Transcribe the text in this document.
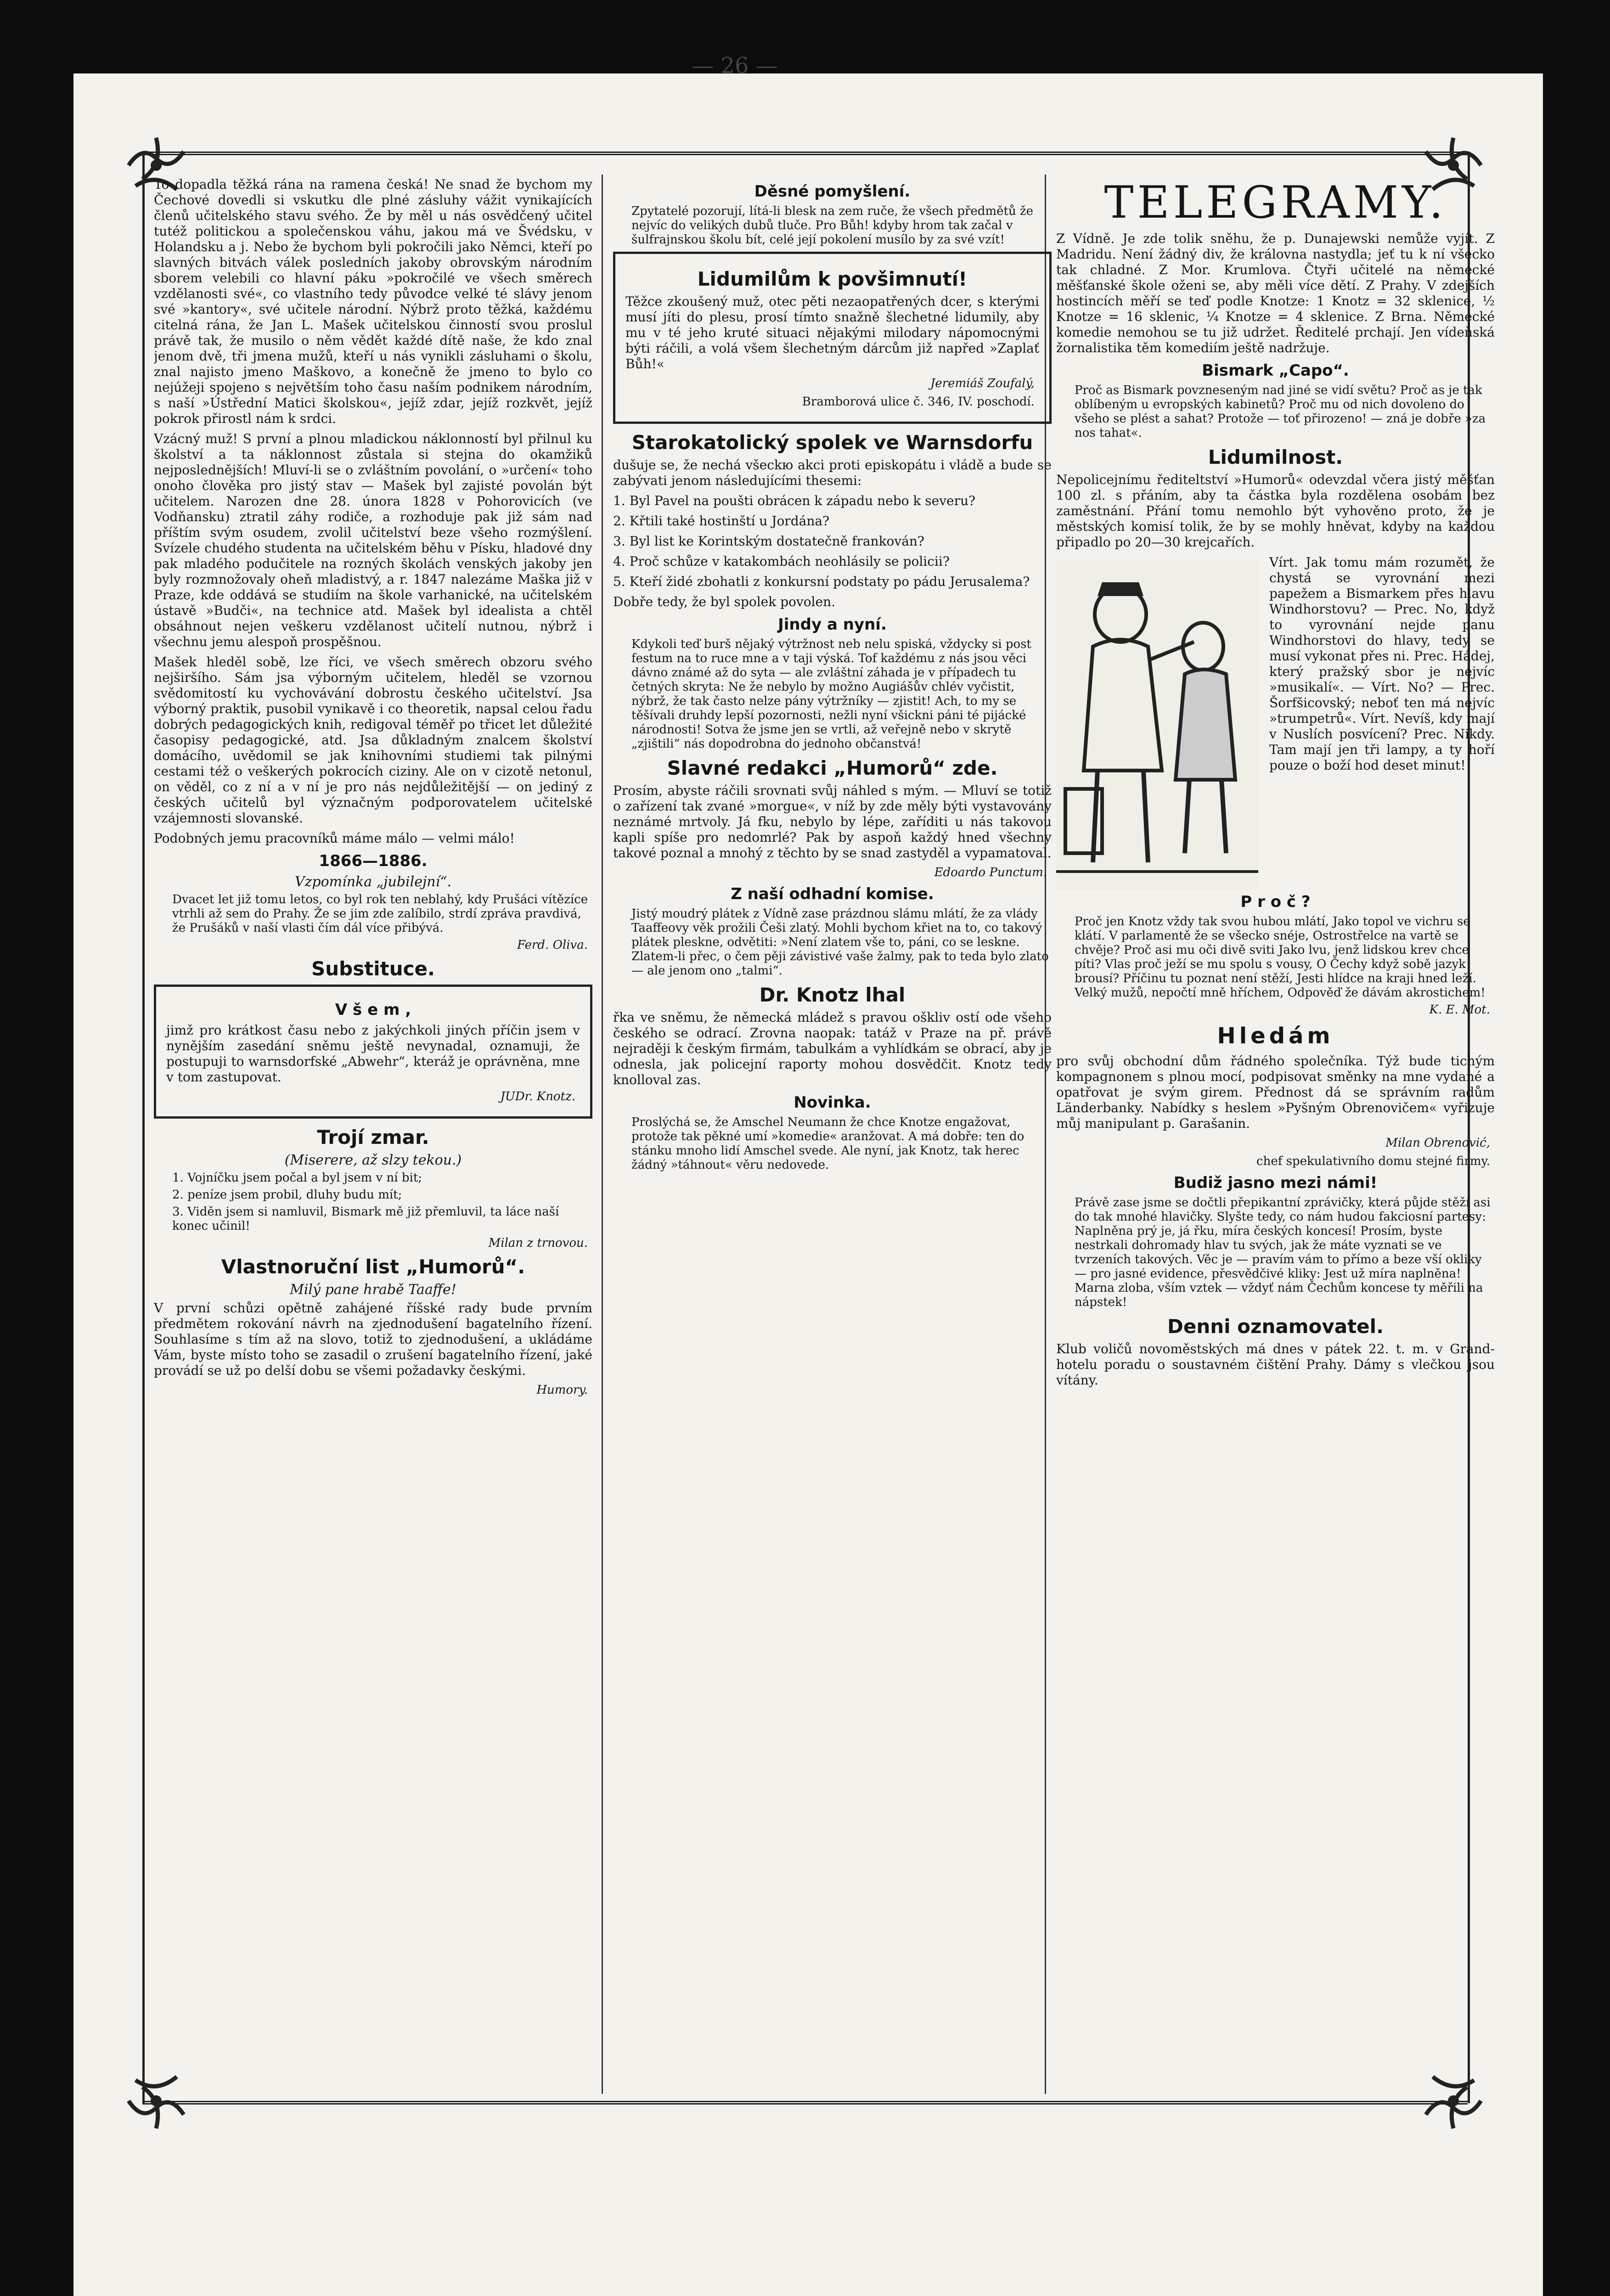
— 26 —

To dopadla těžká rána na ramena česká! Ne snad že bychom my Čechové dovedli si vskutku dle plné zásluhy vážit vynikajících členů učitelského stavu svého. Že by měl u nás osvědčený učitel tutéž politickou a společenskou váhu, jakou má ve Švédsku, v Holandsku a j. Nebo že bychom byli pokročili jako Němci, kteří po slavných bitvách válek posledních jakoby obrovským národním sborem velebili co hlavní páku »pokročilé ve všech směrech vzdělanosti své«, co vlastního tedy původce velké té slávy jenom své »kantory«, své učitele národní. Nýbrž proto těžká, každému citelná rána, že Jan L. Mašek učitelskou činností svou proslul právě tak, že musilo o něm vědět každé dítě naše, že kdo znal jenom dvě, tři jmena mužů, kteří u nás vynikli zásluhami o školu, znal najisto jmeno Maškovo, a konečně že jmeno to bylo co nejúžeji spojeno s největším toho času naším podnikem národním, s naší »Ústřední Matici školskou«, jejíž zdar, jejíž rozkvět, jejíž pokrok přirostl nám k srdci.

Vzácný muž! S první a plnou mladickou náklonností byl přilnul ku školství a ta náklonnost zůstala si stejna do okamžiků nejposlednějších! Mluví-li se o zvláštním povolání, o »určení« toho onoho člověka pro jistý stav — Mašek byl zajisté povolán být učitelem. Narozen dne 28. února 1828 v Pohorovicích (ve Vodňansku) ztratil záhy rodiče, a rozhoduje pak již sám nad příštím svým osudem, zvolil učitelství beze všeho rozmýšlení. Svízele chudého studenta na učitelském běhu v Písku, hladové dny pak mladého podučitele na rozných školách venských jakoby jen byly rozmnožovaly oheň mladistvý, a r. 1847 nalezáme Maška již v Praze, kde oddává se studiím na škole varhanické, na učitelském ústavě »Budči«, na technice atd. Mašek byl idealista a chtěl obsáhnout nejen veškeru vzdělanost učitelí nutnou, nýbrž i všechnu jemu alespoň prospěšnou.

Mašek hleděl sobě, lze říci, ve všech směrech obzoru svého nejširšího. Sám jsa výborným učitelem, hleděl se vzornou svědomitostí ku vychovávání dobrostu českého učitelství. Jsa výborný praktik, pusobil vynikavě i co theoretik, napsal celou řadu dobrých pedagogických knih, redigoval téměř po třicet let důležité časopisy pedagogické, atd. Jsa důkladným znalcem školství domácího, uvědomil se jak knihovními studiemi tak pilnými cestami též o veškerých pokrocích ciziny. Ale on v cizotě netonul, on věděl, co z ní a v ní je pro nás nejdůležitější — on jediný z českých učitelů byl význačným podporovatelem učitelské vzájemnosti slovanské.

Podobných jemu pracovníků máme málo — velmi málo!

1866—1886.
Vzpomínka „jubilejní“.
Dvacet let již tomu letos, co byl rok ten neblahý, kdy Prušáci vítězíce vtrhli až sem do Prahy. Že se jim zde zalíbilo, strdí zpráva pravdivá, že Prušáků v naší vlasti čím dál více přibývá.
Ferd. Oliva.
Substituce.
V š e m ,

jimž pro krátkost času nebo z jakýchkoli jiných příčin jsem v nynějším zasedání sněmu ještě nevynadal, oznamuji, že postupuji to warnsdorfské „Abwehr“, kteráž je oprávněna, mne v tom zastupovat.

JUDr. Knotz.
Trojí zmar.
(Miserere, až slzy tekou.)
1. Vojníčku jsem počal a byl jsem v ní bit;
2. peníze jsem probil, dluhy budu mít;
3. Viděn jsem si namluvil, Bismark mě již přemluvil, ta láce naší konec učinil!
Milan z trnovou.
Vlastnoruční list „Humorů“.
Milý pane hrabě Taaffe!

V první schůzi opětně zahájené říšské rady bude prvním předmětem rokování návrh na zjednodušení bagatelního řízení. Souhlasíme s tím až na slovo, totiž to zjednodušení, a ukládáme Vám, byste místo toho se zasadil o zrušení bagatelního řízení, jaké provádí se už po delší dobu se všemi požadavky českými.

Humory.
Děsné pomyšlení.
Zpytatelé pozorují, lítá-li blesk na zem ruče, že všech předmětů že nejvíc do velikých dubů tluče. Pro Bůh! kdyby hrom tak začal v šulfrajnskou školu bít, celé její pokolení musílo by za své vzít!
Lidumilům k povšimnutí!

Těžce zkoušený muž, otec pěti nezaopatřených dcer, s kterými musí jíti do plesu, prosí tímto snažně šlechetné lidumily, aby mu v té jeho kruté situaci nějakými milodary nápomocnými býti ráčili, a volá všem šlechetným dárcům již napřed »Zaplať Bůh!«

Jeremiáš Zoufalý,
Bramborová ulice č. 346, IV. poschodí.
Starokatolický spolek ve Warnsdorfu

dušuje se, že nechá všeckю akci proti episkopátu i vládě a bude se zabývati jenom následujícími thesemi:

1. Byl Pavel na poušti obrácen k západu nebo k severu?

2. Křtili také hostinští u Jordána?

3. Byl list ke Korintským dostatečně frankován?

4. Proč schůze v katakombách neohlásily se policii?

5. Kteří židé zbohatli z konkursní podstaty po pádu Jerusalema?

Dobře tedy, že byl spolek povolen.

Jindy a nyní.
Kdykoli teď burš nějaký výtržnost neb nelu spiská, vždycky si post festum na to ruce mne a v taji výská. Tof každému z nás jsou věci dávno známé až do syta — ale zvláštní záhada je v případech tu četných skryta: Ne že nebylo by možno Augiášův chlév vyčistit, nýbrž, že tak často nelze pány výtržníky — zjistit! Ach, to my se těšívali druhdy lepší pozornosti, nežli nyní všickni páni té pijácké národnosti! Sotva že jsme jen se vrtli, až veřejně nebo v skrytě „zjištili“ nás dopodrobna do jednoho občanstvá!
Slavné redakci „Humorů“ zde.

Prosím, abyste ráčili srovnati svůj náhled s mým. — Mluví se totiž o zařízení tak zvané »morgue«, v níž by zde měly býti vystavovány neznámé mrtvoly. Já fku, nebylo by lépe, zaříditi u nás takovou kapli spíše pro nedomrlé? Pak by aspoň každý hned všechny takové poznal a mnohý z těchto by se snad zastyděl a vypamatoval.

Edoardo Punctum.
Z naší odhadní komise.
Jistý moudrý plátek z Vídně zase prázdnou slámu mlátí, že za vlády Taaffeovy věk prožili Češi zlatý. Mohli bychom křiet na to, co takový plátek pleskne, odvětiti: »Není zlatem vše to, páni, co se leskne. Zlatem-li přec, o čem pěji závistivé vaše žalmy, pak to teda bylo zlato — ale jenom ono „talmi“.
Dr. Knotz lhal

řka ve sněmu, že německá mládež s pravou oškliv ostí ode všeho českého se odrací. Zrovna naopak: tatáž v Praze na př. právě nejraději k českým firmám, tabulkám a vyhlídkám se obrací, aby je odnesla, jak policejní raporty mohou dosvědčit. Knotz tedy knolloval zas.

Novinka.
Proslýchá se, že Amschel Neumann že chce Knotze engažovat, protože tak pěkné umí »komedie« aranžovat. A má dobře: ten do stánku mnoho lidí Amschel svede. Ale nyní, jak Knotz, tak herec žádný »táhnout« věru nedovede.
TELEGRAMY.

Z Vídně. Je zde tolik sněhu, že p. Dunajewski nemůže vyjít. Z Madridu. Není žádný div, že královna nastydla; jeť tu k ní všecko tak chladné. Z Mor. Krumlova. Čtyři učitelé na německé měšťanské škole oženi se, aby měli více dětí. Z Prahy. V zdejších hostincích měří se teď podle Knotze: 1 Knotz = 32 sklenice, ½ Knotze = 16 sklenic, ¼ Knotze = 4 sklenice. Z Brna. Německé komedie nemohou se tu již udržet. Ředitelé prchají. Jen vídeňská žornalistika těm komediím ještě nadržuje.

Bismark „Capo“.
Proč as Bismark povzneseným nad jiné se vidí světu? Proč as je tak oblíbeným u evropských kabinetů? Proč mu od nich dovoleno do všeho se plést a sahat? Protože — toť přirozeno! — zná je dobře »za nos tahat«.
Lidumilnost.

Nepolicejnímu řediteltství »Humorů« odevzdal včera jistý měšťan 100 zl. s přáním, aby ta částka byla rozdělena osobám bez zaměstnání. Přání tomu nemohlo být vyhověno proto, že je městských komisí tolik, že by se mohly hněvat, kdyby na každou připadlo po 20—30 krejcařích.

Vírt. Jak tomu mám rozumět, že chystá se vyrovnání mezi papežem a Bismarkem přes hlavu Windhorstovu? — Prec. No, když to vyrovnání nejde panu Windhorstovi do hlavy, tedy se musí vykonat přes ni. Prec. Hádej, který pražský sbor je nejvíc »musikalí«. — Vírt. No? — Prec. Šorfšicovský; neboť ten má nejvíc »trumpetrů«. Vírt. Nevíš, kdy mají v Nuslích posvícení? Prec. Nikdy. Tam mají jen tři lampy, a ty hoří pouze o boží hod deset minut!

P r o č ?
Proč jen Knotz vždy tak svou hubou mlátí, Jako topol ve vichru se klátí. V parlamentě že se všecko snéje, Ostrostřelce na vartě se chvěje? Proč asi mu oči divě sviti Jako lvu, jenž lidskou krev chce píti? Vlas proč ježí se mu spolu s vousy, O Čechy když sobě jazyk brousí? Příčinu tu poznat není stěží, Jesti hlídce na kraji hned leží. Velký mužů, nepočtí mně hříchem, Odpověď že dávám akrostichem!
K. E. Mot.
Hledám

pro svůj obchodní dům řádného společníka. Týž bude tichým kompagnonem s plnou mocí, podpisovat směnky na mne vydané a opatřovat je svým girem. Přednost dá se správním radům Länderbanky. Nabídky s heslem »Pyšným Obrenovičem« vyřizuje můj manipulant p. Garašanin.

Milan Obrenović,
chef spekulativního domu stejné firmy.
Budiž jasno mezi námi!
Právě zase jsme se dočtli přepikantní zprávičky, která půjde stěží asi do tak mnohé hlavičky. Slyšte tedy, co nám hudou fakciosní partesy: Naplněna prý je, já řku, míra českých koncesí! Prosím, byste nestrkali dohromady hlav tu svých, jak že máte vyznati se ve tvrzeních takových. Věc je — pravím vám to přímo a beze vší okliky — pro jasné evidence, přesvědčivé kliky: Jest už míra naplněna! Marna zloba, vším vztek — vždyť nám Čechům koncese ty měřili na nápstek!
Denni oznamovatel.

Klub voličů novoměstských má dnes v pátek 22. t. m. v Grand-hotelu poradu o soustavném čištění Prahy. Dámy s vlečkou jsou vítány.
